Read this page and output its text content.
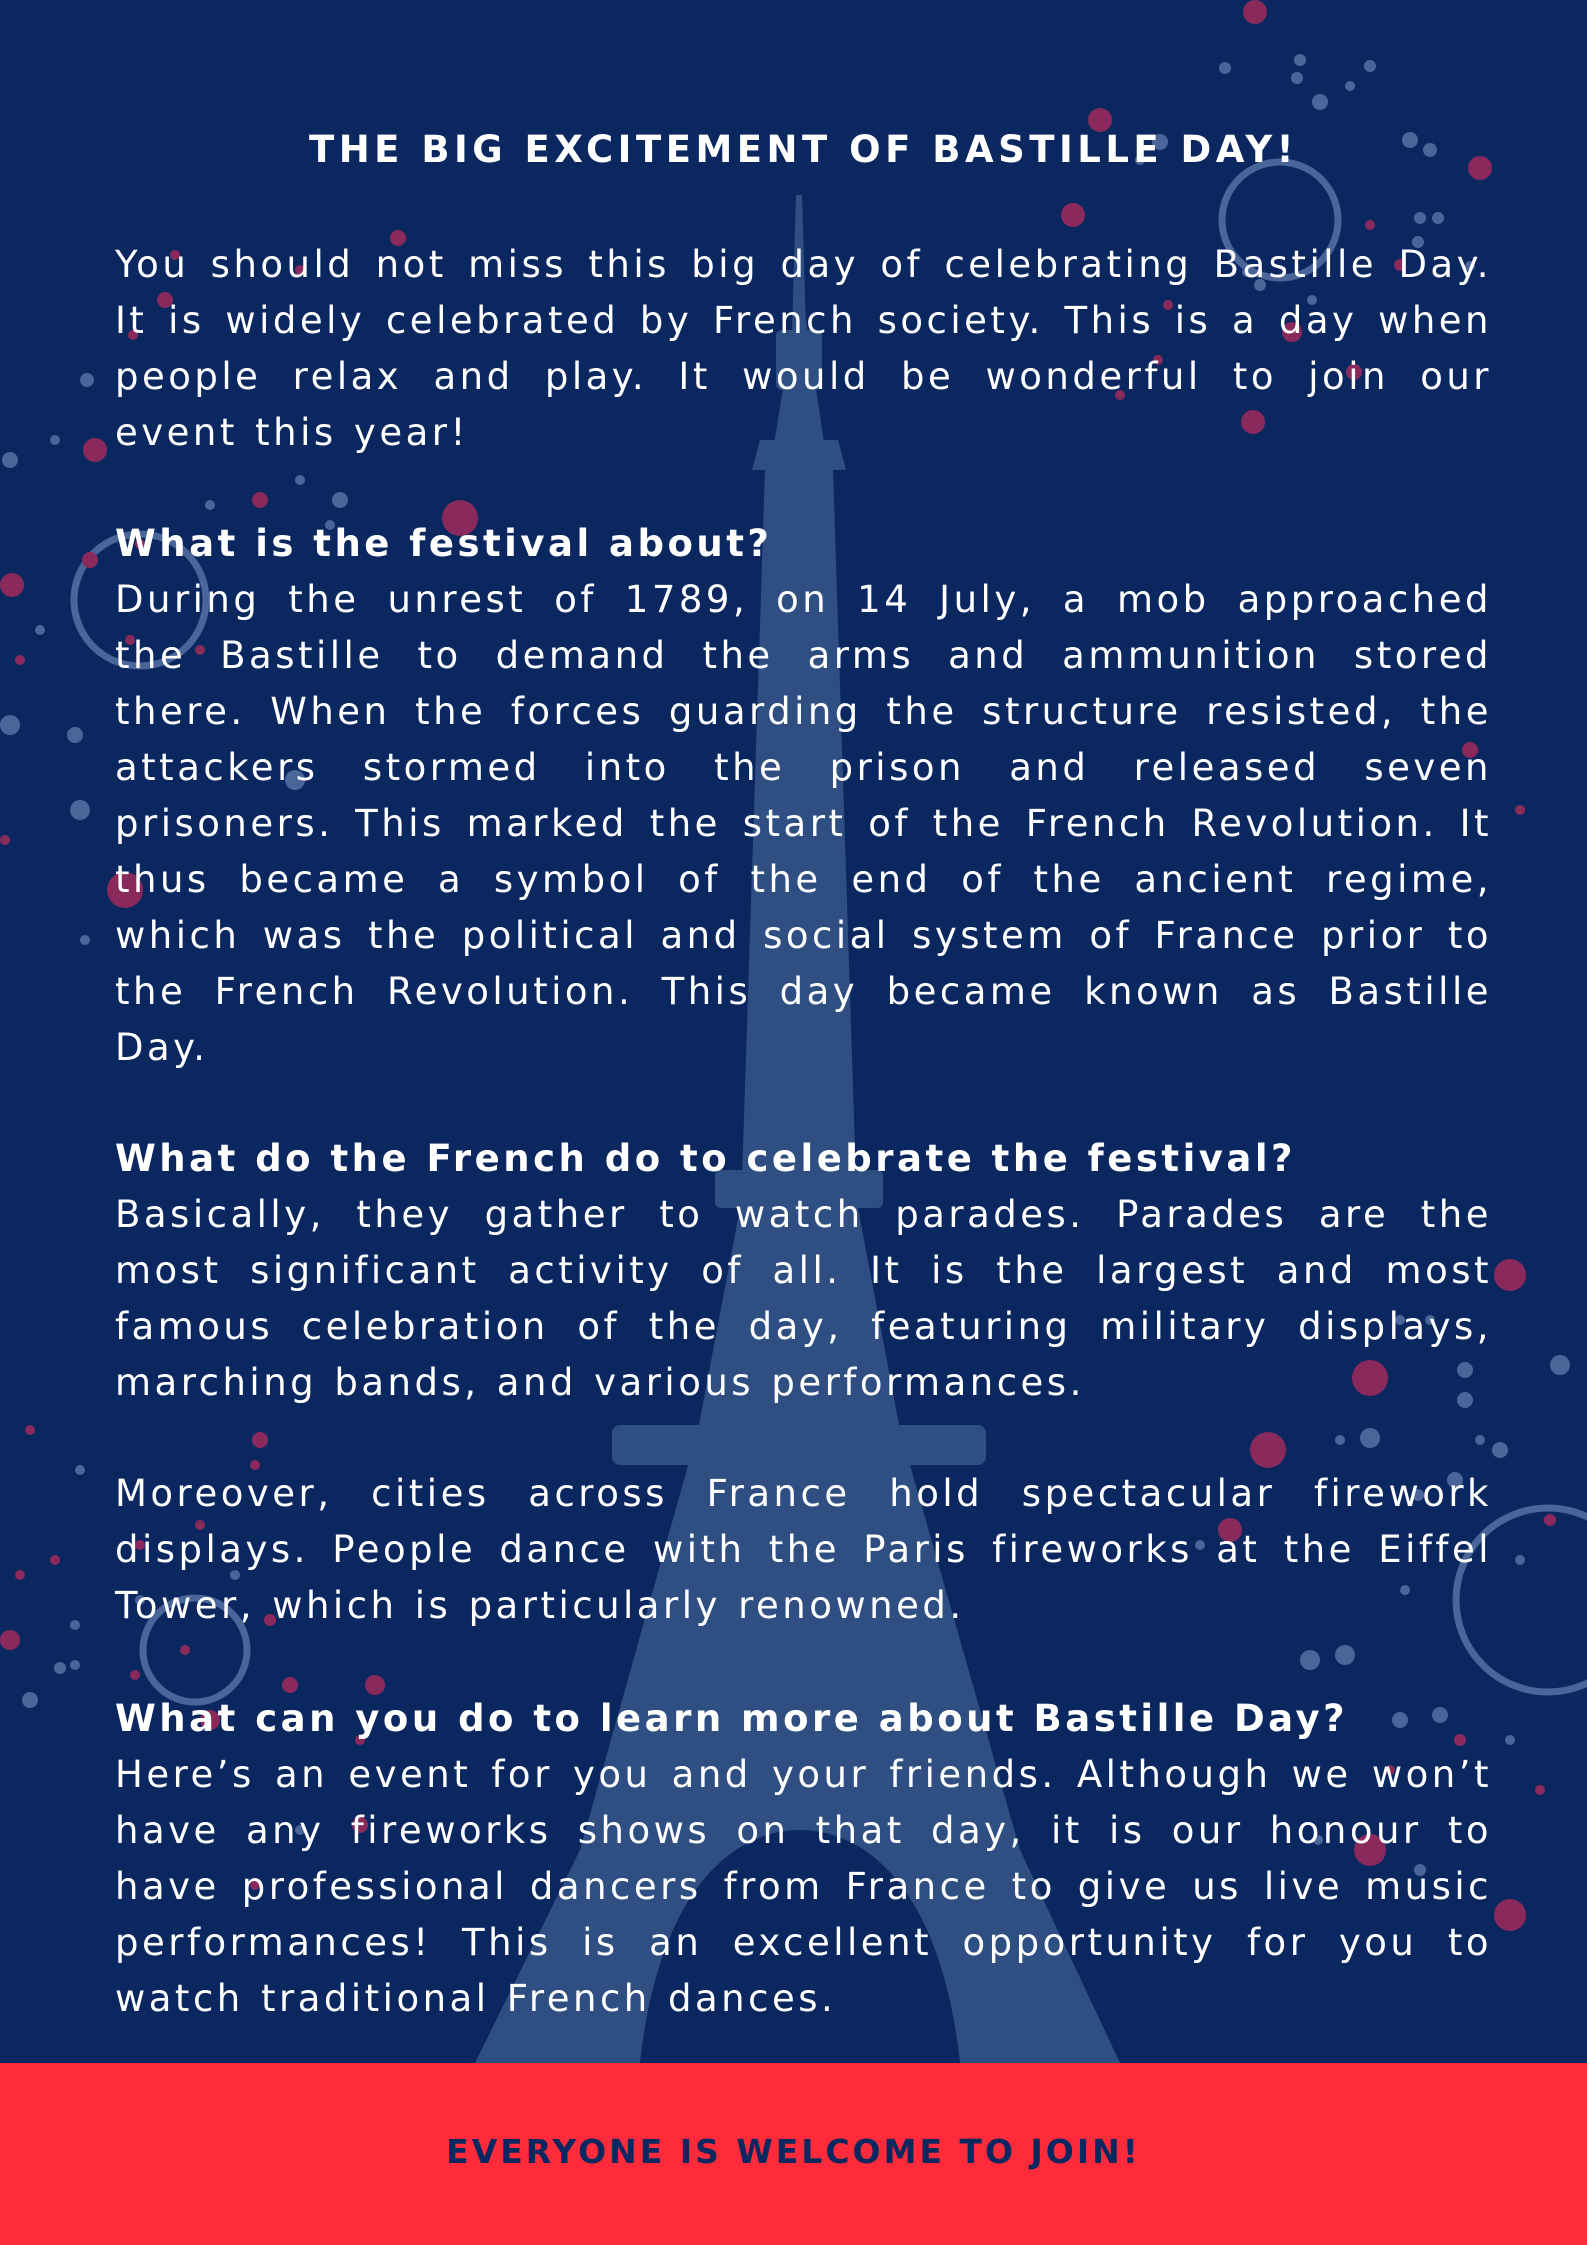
THE BIG EXCITEMENT OF BASTILLE DAY!
You should not miss this big day of celebrating Bastille Day.
It is widely celebrated by French society. This is a day when
people relax and play. It would be wonderful to join our
event this year!
What is the festival about?
During the unrest of 1789, on 14 July, a mob approached
the Bastille to demand the arms and ammunition stored
there. When the forces guarding the structure resisted, the
attackers stormed into the prison and released seven
prisoners. This marked the start of the French Revolution. It
thus became a symbol of the end of the ancient regime,
which was the political and social system of France prior to
the French Revolution. This day became known as Bastille
Day.
What do the French do to celebrate the festival?
Basically, they gather to watch parades. Parades are the
most significant activity of all. It is the largest and most
famous celebration of the day, featuring military displays,
marching bands, and various performances.
Moreover, cities across France hold spectacular firework
displays. People dance with the Paris fireworks at the Eiffel
Tower, which is particularly renowned.
What can you do to learn more about Bastille Day?
Here’s an event for you and your friends. Although we won’t
have any fireworks shows on that day, it is our honour to
have professional dancers from France to give us live music
performances! This is an excellent opportunity for you to
watch traditional French dances.
EVERYONE IS WELCOME TO JOIN!
